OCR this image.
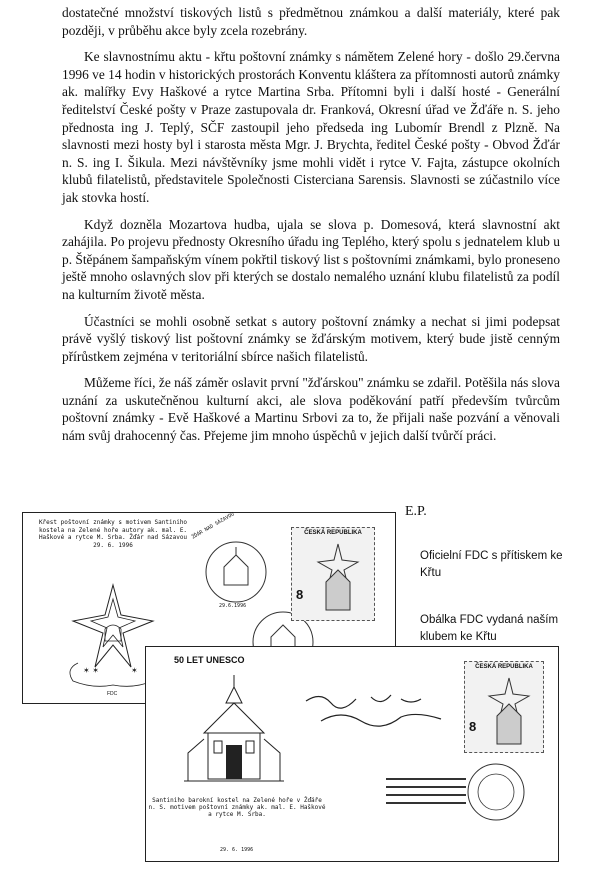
dostatečné množství tiskových listů s předmětnou známkou a další materiály, které pak později, v průběhu akce byly zcela rozebrány.

Ke slavnostnímu aktu - křtu poštovní známky s námětem Zelené hory - došlo 29.června 1996 ve 14 hodin v historických prostorách Konventu kláštera za přítomnosti autorů známky ak. malířky Evy Haškové a rytce Martina Srba. Přítomni byli i další hosté - Generální ředitelství České pošty v Praze zastupovala dr. Franková, Okresní úřad ve Žďáře n. S. jeho přednosta ing J. Teplý, SČF zastoupil jeho předseda ing Lubomír Brendl z Plzně. Na slavnosti mezi hosty byl i starosta města Mgr. J. Brychta, ředitel České pošty - Obvod Žďár n. S. ing I. Šikula. Mezi návštěvníky jsme mohli vidět i rytce V. Fajta, zástupce okolních klubů filatelistů, představitele Společnosti Cisterciana Sarensis. Slavnosti se zúčastnilo více jak stovka hostí.

Když dozněla Mozartova hudba, ujala se slova p. Domesová, která slavnostní akt zahájila. Po projevu přednosty Okresního úřadu ing Teplého, který spolu s jednatelem klub u p. Štěpánem šampaňským vínem pokřtil tiskový list s poštovními známkami, bylo proneseno ještě mnoho oslavných slov při kterých se dostalo nemalého uznání klubu filatelistů za podíl na kulturním životě města.

Účastníci se mohli osobně setkat s autory poštovní známky a nechat si jimi podepsat právě vyšlý tiskový list poštovní známky se žďárským motivem, který bude jistě cenným přírůstkem zejména v teritoriální sbírce našich filatelistů.

Můžeme říci, že náš záměr oslavit první "žďárskou" známku se zdařil. Potěšila nás slova uznání za uskutečněnou kulturní akci, ale slova poděkování patří především tvůrcům poštovní známky - Evě Haškové a Martinu Srbovi za to, že přijali naše pozvání a věnovali nám svůj drahocenný čas. Přejeme jim mnoho úspěchů v jejich další tvůrčí práci.

E.P.
Oficielní FDC s přítiskem ke Křtu
Obálka FDC vydaná naším klubem ke Křtu
Křest poštovní známky s motivem Santiniho kostela na Zelené hoře autory ak. mal. E. Haškové a rytce M. Srba. Žďár nad Sázavou 29. 6. 1996
✶ ✶	✶
FDC
ŽĎÁR NAD SÁZAVOU
29.6.1996
ČESKÁ REPUBLIKA
8
50 LET UNESCO
Santiniho barokní kostel na Zelené hoře v Žďáře n. S. motivem poštovní známky ak. mal. E. Haškové a rytce M. Srba.
29. 6. 1996
ČESKÁ REPUBLIKA
8
